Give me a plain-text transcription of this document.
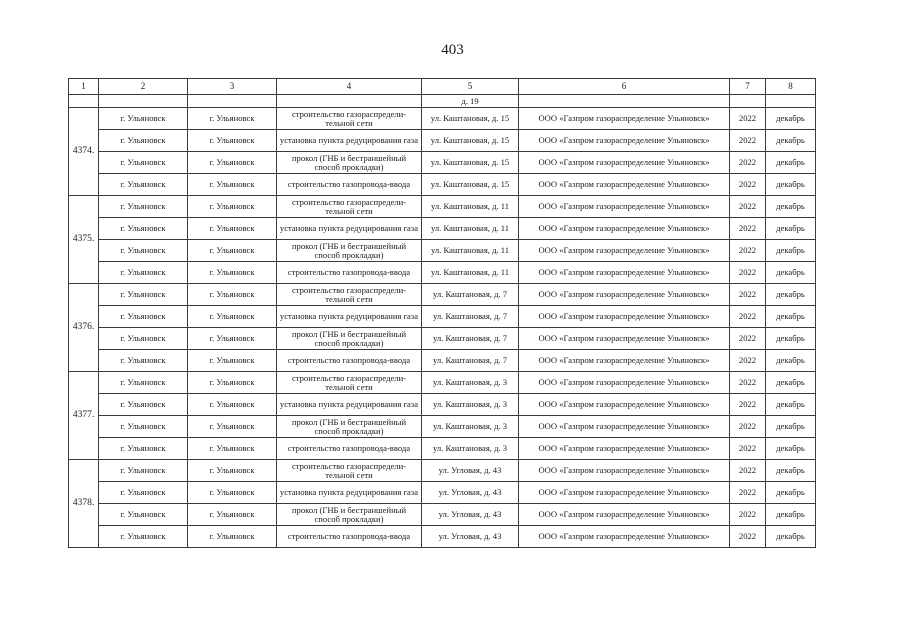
403
1	2	3	4	5	6	7	8
				д. 19			
4374.	г. Ульяновск	г. Ульяновск	строительство газораспредели-тельной сети	ул. Каштановая, д. 15	ООО «Газпром газораспределение Ульяновск»	2022	декабрь
	г. Ульяновск	г. Ульяновск	установка пункта редуцирования газа	ул. Каштановая, д. 15	ООО «Газпром газораспределение Ульяновск»	2022	декабрь
	г. Ульяновск	г. Ульяновск	прокол (ГНБ и бестраншейный способ прокладки)	ул. Каштановая, д. 15	ООО «Газпром газораспределение Ульяновск»	2022	декабрь
	г. Ульяновск	г. Ульяновск	строительство газопровода-ввода	ул. Каштановая, д. 15	ООО «Газпром газораспределение Ульяновск»	2022	декабрь
4375.	г. Ульяновск	г. Ульяновск	строительство газораспредели-тельной сети	ул. Каштановая, д. 11	ООО «Газпром газораспределение Ульяновск»	2022	декабрь
	г. Ульяновск	г. Ульяновск	установка пункта редуцирования газа	ул. Каштановая, д. 11	ООО «Газпром газораспределение Ульяновск»	2022	декабрь
	г. Ульяновск	г. Ульяновск	прокол (ГНБ и бестраншейный способ прокладки)	ул. Каштановая, д. 11	ООО «Газпром газораспределение Ульяновск»	2022	декабрь
	г. Ульяновск	г. Ульяновск	строительство газопровода-ввода	ул. Каштановая, д. 11	ООО «Газпром газораспределение Ульяновск»	2022	декабрь
4376.	г. Ульяновск	г. Ульяновск	строительство газораспредели-тельной сети	ул. Каштановая, д. 7	ООО «Газпром газораспределение Ульяновск»	2022	декабрь
	г. Ульяновск	г. Ульяновск	установка пункта редуцирования газа	ул. Каштановая, д. 7	ООО «Газпром газораспределение Ульяновск»	2022	декабрь
	г. Ульяновск	г. Ульяновск	прокол (ГНБ и бестраншейный способ прокладки)	ул. Каштановая, д. 7	ООО «Газпром газораспределение Ульяновск»	2022	декабрь
	г. Ульяновск	г. Ульяновск	строительство газопровода-ввода	ул. Каштановая, д. 7	ООО «Газпром газораспределение Ульяновск»	2022	декабрь
4377.	г. Ульяновск	г. Ульяновск	строительство газораспредели-тельной сети	ул. Каштановая, д. 3	ООО «Газпром газораспределение Ульяновск»	2022	декабрь
	г. Ульяновск	г. Ульяновск	установка пункта редуцирования газа	ул. Каштановая, д. 3	ООО «Газпром газораспределение Ульяновск»	2022	декабрь
	г. Ульяновск	г. Ульяновск	прокол (ГНБ и бестраншейный способ прокладки)	ул. Каштановая, д. 3	ООО «Газпром газораспределение Ульяновск»	2022	декабрь
	г. Ульяновск	г. Ульяновск	строительство газопровода-ввода	ул. Каштановая, д. 3	ООО «Газпром газораспределение Ульяновск»	2022	декабрь
4378.	г. Ульяновск	г. Ульяновск	строительство газораспредели-тельной сети	ул. Угловая, д. 43	ООО «Газпром газораспределение Ульяновск»	2022	декабрь
	г. Ульяновск	г. Ульяновск	установка пункта редуцирования газа	ул. Угловая, д. 43	ООО «Газпром газораспределение Ульяновск»	2022	декабрь
	г. Ульяновск	г. Ульяновск	прокол (ГНБ и бестраншейный способ прокладки)	ул. Угловая, д. 43	ООО «Газпром газораспределение Ульяновск»	2022	декабрь
	г. Ульяновск	г. Ульяновск	строительство газопровода-ввода	ул. Угловая, д. 43	ООО «Газпром газораспределение Ульяновск»	2022	декабрь
